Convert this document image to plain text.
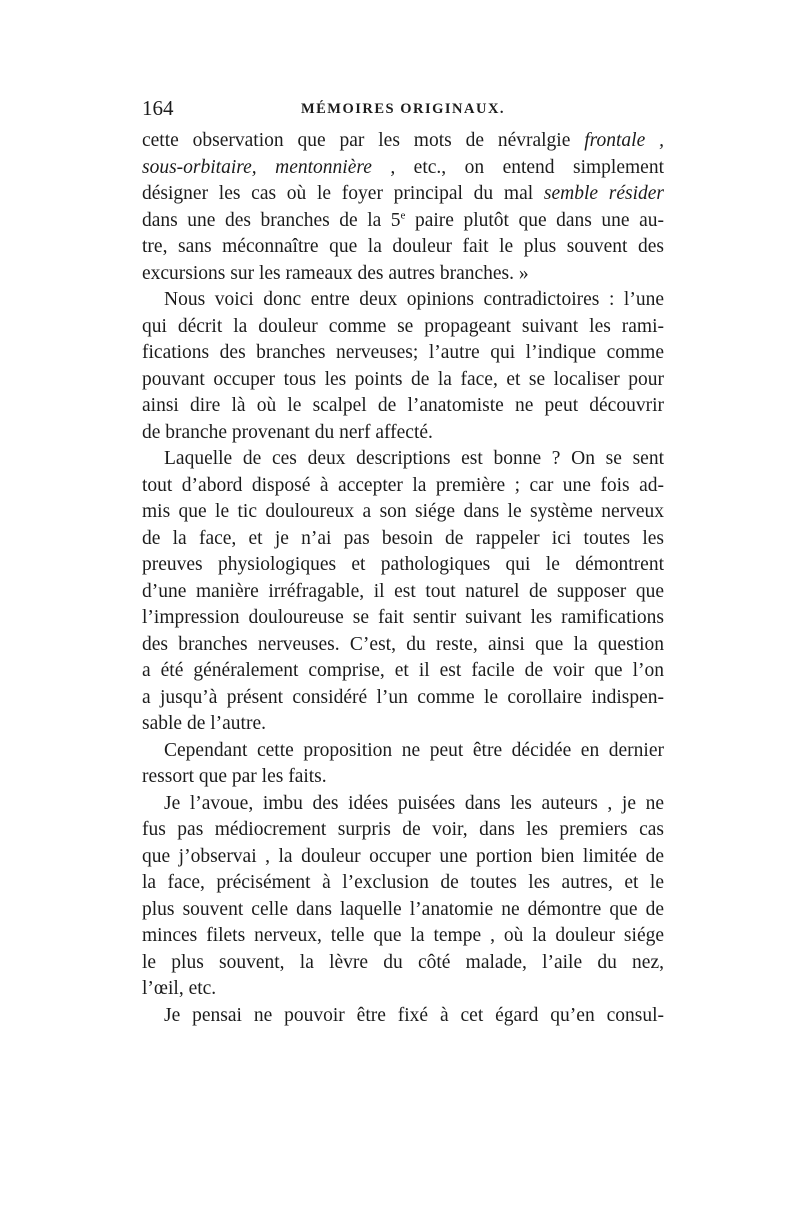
164	MÉMOIRES ORIGINAUX.
cette observation que par les mots de névralgie frontale ,
sous-orbitaire, mentonnière , etc., on entend simplement
désigner les cas où le foyer principal du mal semble résider
dans une des branches de la 5e paire plutôt que dans une au-
tre, sans méconnaître que la douleur fait le plus souvent des
excursions sur les rameaux des autres branches. »
Nous voici donc entre deux opinions contradictoires : l’une
qui décrit la douleur comme se propageant suivant les rami-
fications des branches nerveuses; l’autre qui l’indique comme
pouvant occuper tous les points de la face, et se localiser pour
ainsi dire là où le scalpel de l’anatomiste ne peut découvrir
de branche provenant du nerf affecté.
Laquelle de ces deux descriptions est bonne ? On se sent
tout d’abord disposé à accepter la première ; car une fois ad-
mis que le tic douloureux a son siége dans le système nerveux
de la face, et je n’ai pas besoin de rappeler ici toutes les
preuves physiologiques et pathologiques qui le démontrent
d’une manière irréfragable, il est tout naturel de supposer que
l’impression douloureuse se fait sentir suivant les ramifications
des branches nerveuses. C’est, du reste, ainsi que la question
a été généralement comprise, et il est facile de voir que l’on
a jusqu’à présent considéré l’un comme le corollaire indispen-
sable de l’autre.
Cependant cette proposition ne peut être décidée en dernier
ressort que par les faits.
Je l’avoue, imbu des idées puisées dans les auteurs , je ne
fus pas médiocrement surpris de voir, dans les premiers cas
que j’observai , la douleur occuper une portion bien limitée de
la face, précisément à l’exclusion de toutes les autres, et le
plus souvent celle dans laquelle l’anatomie ne démontre que de
minces filets nerveux, telle que la tempe , où la douleur siége
le plus souvent, la lèvre du côté malade, l’aile du nez,
l’œil, etc.
Je pensai ne pouvoir être fixé à cet égard qu’en consul-
